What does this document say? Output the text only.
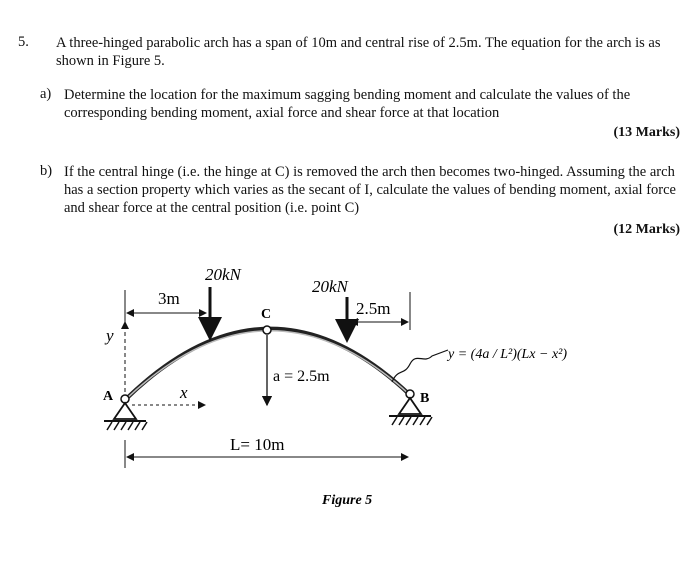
5. A three-hinged parabolic arch has a span of 10m and central rise of 2.5m. The equation for the arch is as shown in Figure 5.
a) Determine the location for the maximum sagging bending moment and calculate the values of the corresponding bending moment, axial force and shear force at that location
(13 Marks)
b) If the central hinge (i.e. the hinge at C) is removed the arch then becomes two-hinged. Assuming the arch has a section property which varies as the secant of I, calculate the values of bending moment, axial force and shear force at the central position (i.e. point C)
(12 Marks)
20kN
20kN
3m
2.5m
C
A	B
y
x
a = 2.5m
L= 10m
y = (4a / L²)(Lx − x²)
Figure 5
